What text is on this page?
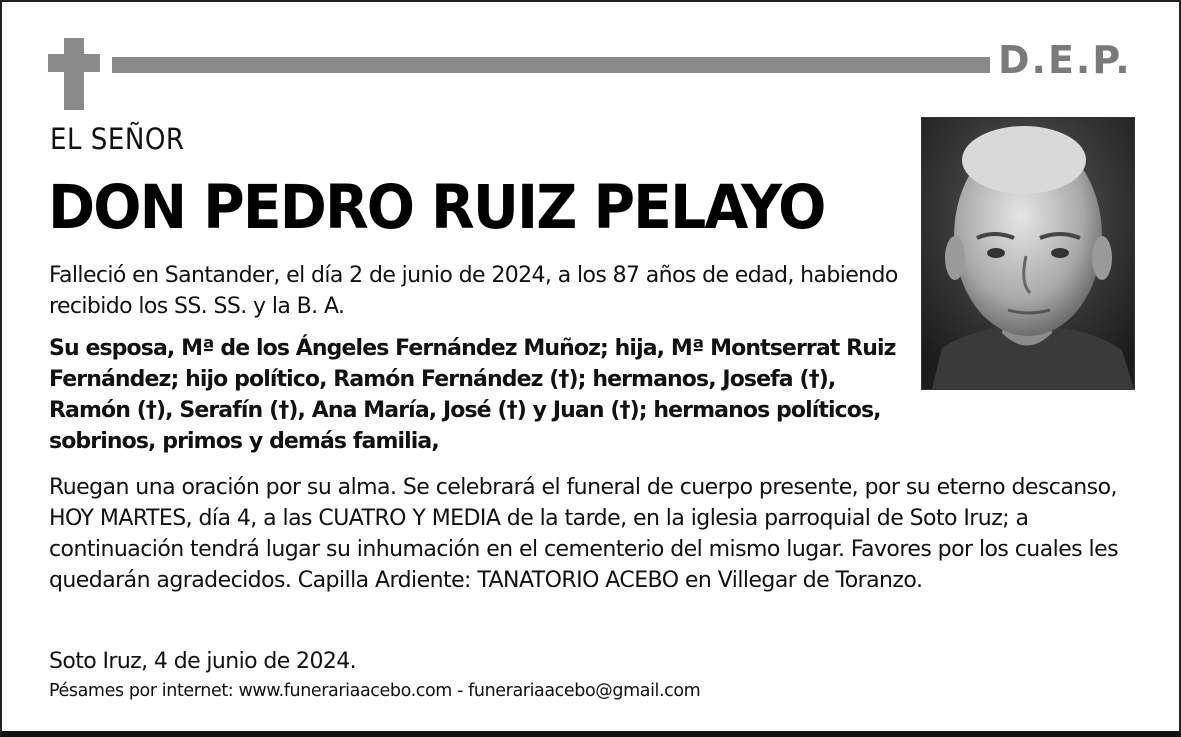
D.E.P.
EL SEÑOR
DON PEDRO RUIZ PELAYO
Falleció en Santander, el día 2 de junio de 2024, a los 87 años de edad, habiendo recibido los SS. SS. y la B. A.
Su esposa, Mª de los Ángeles Fernández Muñoz; hija, Mª Montserrat Ruiz Fernández; hijo político, Ramón Fernández (†); hermanos, Josefa (†), Ramón (†), Serafín (†), Ana María, José (†) y Juan (†); hermanos políticos, sobrinos, primos y demás familia,
Ruegan una oración por su alma. Se celebrará el funeral de cuerpo presente, por su eterno descanso, HOY MARTES, día 4, a las CUATRO Y MEDIA de la tarde, en la iglesia parroquial de Soto Iruz; a continuación tendrá lugar su inhumación en el cementerio del mismo lugar. Favores por los cuales les quedarán agradecidos. Capilla Ardiente: TANATORIO ACEBO en Villegar de Toranzo.
Soto Iruz, 4 de junio de 2024.
Pésames por internet: www.funerariaacebo.com - funerariaacebo@gmail.com
